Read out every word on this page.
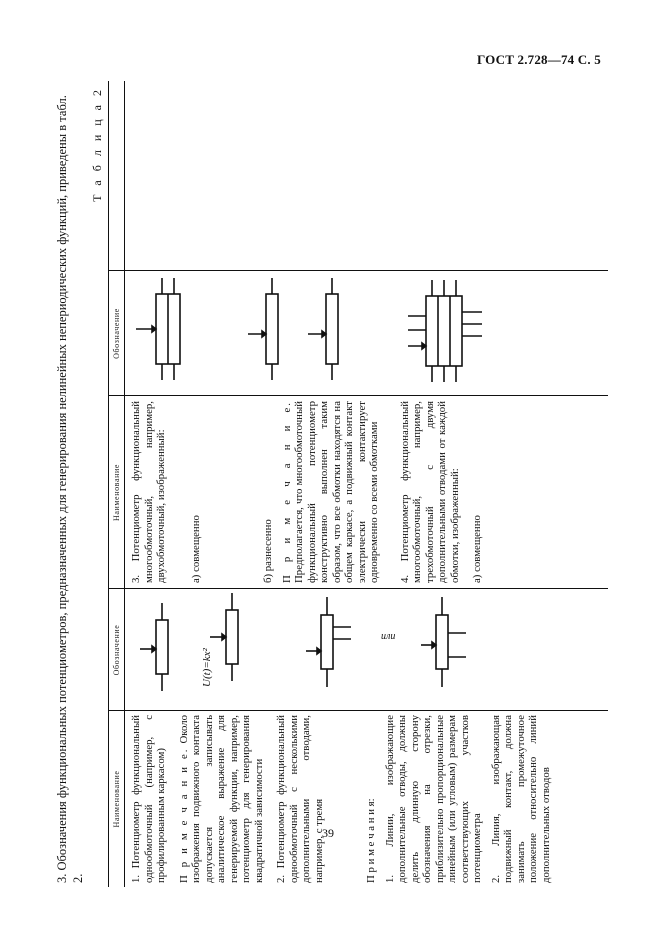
ГОСТ 2.728—74 С. 5
39
3. Обозначения функциональных потенциометров, предназначенных для генерирования нелинейных непериодических функций, приведены в табл. 2.
Т а б л и ц а 2
Наименование
Обозначение
Наименование
Обозначение

1. Потенциометр функциональный однообмоточный (например, с профилированным каркасом) П р и м е ч а н и е. Около изображения подвижного контакта допускается записывать аналитическое выражение для генерируемой функции, например, потенциометр для генерирования квадратичной зависимости 2. Потенциометр функциональный однообмоточный с несколькими дополнительными отводами, например, с тремя	П р и м е ч а н и я: 1. Линии, изображающие дополнительные отводы, должны делить длинную сторону обозначения на отрезки, приблизительно пропорциональные линейным (или угловым) размерам соответствующих участков потенциометра 2. Линия, изображающая подвижный контакт, должна занимать промежуточное положение относительно линий дополнительных отводов

U(t)=kx²
или

3. Потенциометр функциональный многообмоточный, например, двухобмоточный, изображенный: а) совмещенно	б) разнесенно П р и м е ч а н и е. Предполагается, что многообмоточный функциональный потенциометр конструктивно выполнен таким образом, что все обмотки находятся на общем каркасе, а подвижный контакт электрически контактирует одновременно со всеми обмотками 4. Потенциометр функциональный многообмоточный, например, трехобмоточный с двумя дополнительными отводами от каждой обмотки, изображенный: а) совмещенно
